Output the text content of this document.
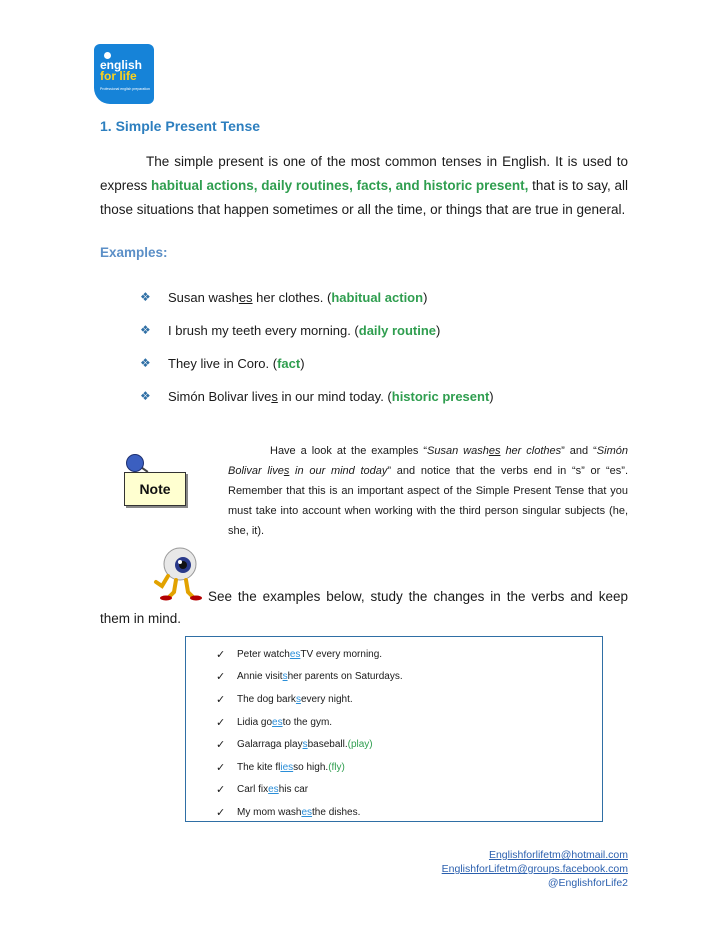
english
for life
Professional english preparation
1. Simple Present Tense

The simple present is one of the most common tenses in English. It is used to express habitual actions, daily routines, facts, and historic present, that is to say, all those situations that happen sometimes or all the time, or things that are true in general.

Examples:
❖	Susan washes her clothes. (habitual action)
❖	I brush my teeth every morning. (daily routine)
❖	They live in Coro. (fact)
❖	Simón Bolivar lives in our mind today. (historic present)
Note

Have a look at the examples “Susan washes her clothes” and “Simón Bolivar lives in our mind today” and notice that the verbs end in “s” or “es”. Remember that this is an important aspect of the Simple Present Tense that you must take into account when working with the third person singular subjects (he, she, it).

See the examples below, study the changes in the verbs and keep

them in mind.

✓	Peter watch es TV every morning.
✓	Annie visit s her parents on Saturdays.
✓	The dog bark s every night.
✓	Lidia go es to the gym.
✓	Galarraga play s baseball. (play)
✓	The kite fl ies so high. (fly)
✓	Carl fix es his car
✓	My mom wash es the dishes.
Englishforlifetm@hotmail.com
EnglishforLifetm@groups.facebook.com
@EnglishforLife2
